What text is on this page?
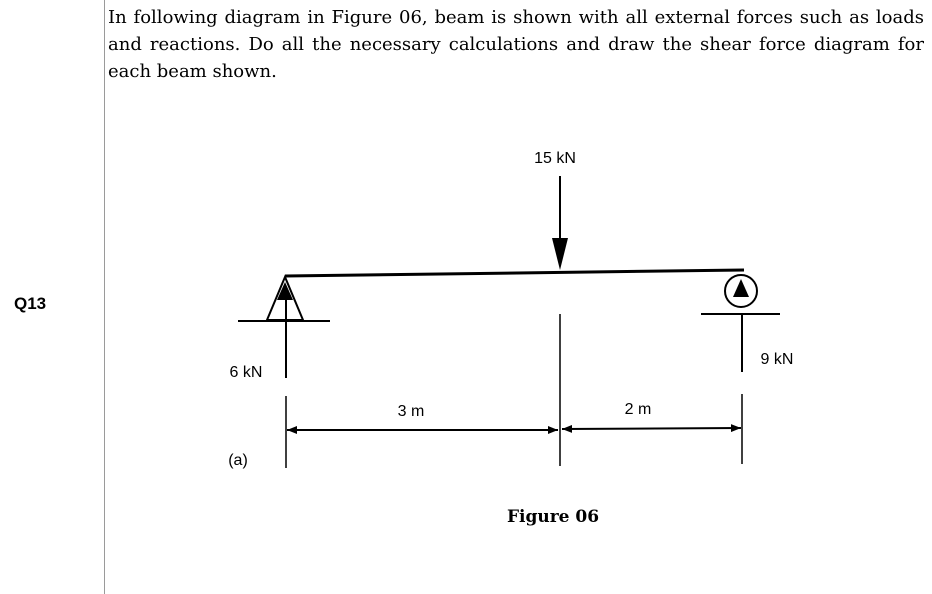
Q13

In following diagram in Figure 06, beam is shown with all external forces such as loads and reactions. Do all the necessary calculations and draw the shear force diagram for each beam shown.

15 kN
6 kN
9 kN
3 m	2 m
(a)
Figure 06
